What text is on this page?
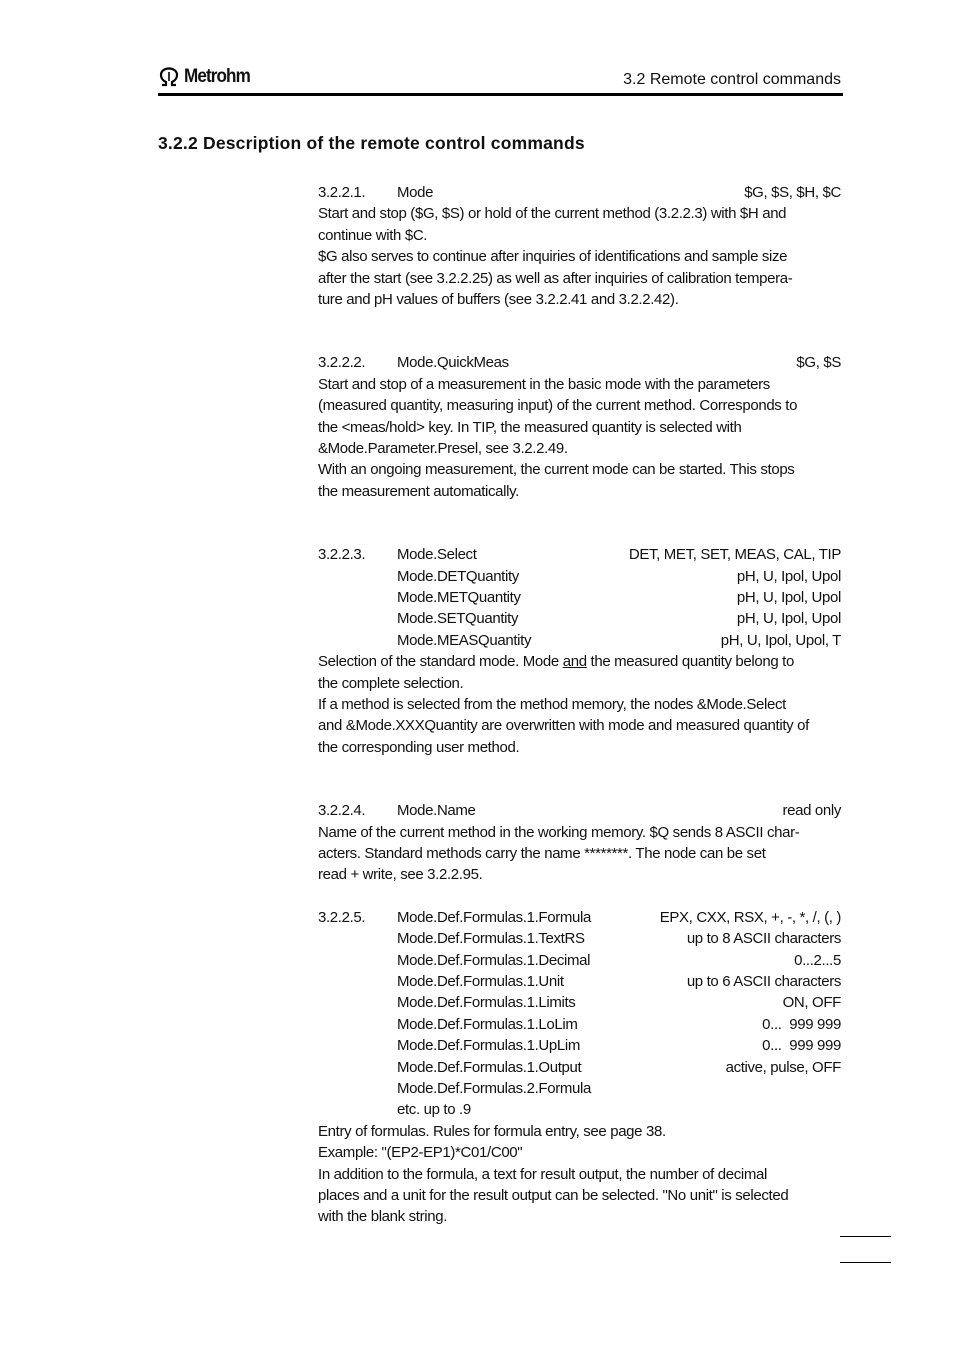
Metrohm	3.2 Remote control commands
3.2.2 Description of the remote control commands
3.2.2.1.	Mode	$G, $S, $H, $C
Start and stop ($G, $S) or hold of the current method (3.2.2.3) with $H and
continue with $C.
$G also serves to continue after inquiries of identifications and sample size
after the start (see 3.2.2.25) as well as after inquiries of calibration tempera-
ture and pH values of buffers (see 3.2.2.41 and 3.2.2.42).
3.2.2.2.	Mode.QuickMeas	$G, $S
Start and stop of a measurement in the basic mode with the parameters
(measured quantity, measuring input) of the current method. Corresponds to
the <meas/hold> key. In TIP, the measured quantity is selected with
&Mode.Parameter.Presel, see 3.2.2.49.
With an ongoing measurement, the current mode can be started. This stops
the measurement automatically.
3.2.2.3.	Mode.Select	DET, MET, SET, MEAS, CAL, TIP
Mode.DETQuantity	pH, U, Ipol, Upol
Mode.METQuantity	pH, U, Ipol, Upol
Mode.SETQuantity	pH, U, Ipol, Upol
Mode.MEASQuantity	pH, U, Ipol, Upol, T
Selection of the standard mode. Mode and the measured quantity belong to
the complete selection.
If a method is selected from the method memory, the nodes &Mode.Select
and &Mode.XXXQuantity are overwritten with mode and measured quantity of
the corresponding user method.
3.2.2.4.	Mode.Name	read only
Name of the current method in the working memory. $Q sends 8 ASCII char-
acters. Standard methods carry the name ********. The node can be set
read + write, see 3.2.2.95.
3.2.2.5.	Mode.Def.Formulas.1.Formula	EPX, CXX, RSX, +, -, *, /, (, )
Mode.Def.Formulas.1.TextRS	up to 8 ASCII characters
Mode.Def.Formulas.1.Decimal	0...2...5
Mode.Def.Formulas.1.Unit	up to 6 ASCII characters
Mode.Def.Formulas.1.Limits	ON, OFF
Mode.Def.Formulas.1.LoLim	0...  999 999
Mode.Def.Formulas.1.UpLim	0...  999 999
Mode.Def.Formulas.1.Output	active, pulse, OFF
Mode.Def.Formulas.2.Formula
etc. up to .9
Entry of formulas. Rules for formula entry, see page 38.
Example: "(EP2-EP1)*C01/C00"
In addition to the formula, a text for result output, the number of decimal
places and a unit for the result output can be selected. "No unit" is selected
with the blank string.
